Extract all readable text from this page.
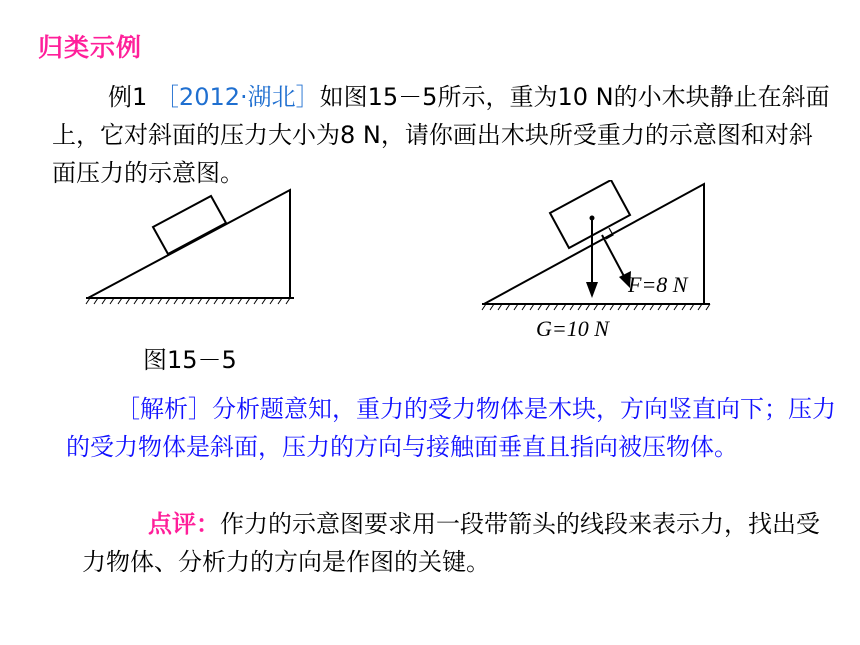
归类示例
例1 ［2012·湖北］如图15－5所示，重为10 N的小木块静止在斜面上，它对斜面的压力大小为8 N，请你画出木块所受重力的示意图和对斜面压力的示意图。
F=8 N
G=10 N
图15－5
［解析］分析题意知，重力的受力物体是木块，方向竖直向下；压力的受力物体是斜面，压力的方向与接触面垂直且指向被压物体。
点评：作力的示意图要求用一段带箭头的线段来表示力，找出受力物体、分析力的方向是作图的关键。
